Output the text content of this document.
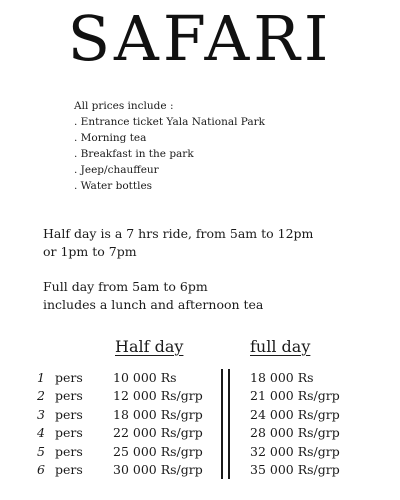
SAFARI
All prices include :
. Entrance ticket Yala National Park
. Morning tea
. Breakfast in the park
. Jeep/chauffeur
. Water bottles
Half day is a 7 hrs ride, from 5am to 12pm
or 1pm to 7pm
Full day from 5am to 6pm
includes a lunch and afternoon tea
Half day	full day
1 pers 10 000 Rs	18 000 Rs
2 pers 12 000 Rs/grp	21 000 Rs/grp
3 pers 18 000 Rs/grp	24 000 Rs/grp
4 pers 22 000 Rs/grp	28 000 Rs/grp
5 pers 25 000 Rs/grp	32 000 Rs/grp
6 pers 30 000 Rs/grp	35 000 Rs/grp
